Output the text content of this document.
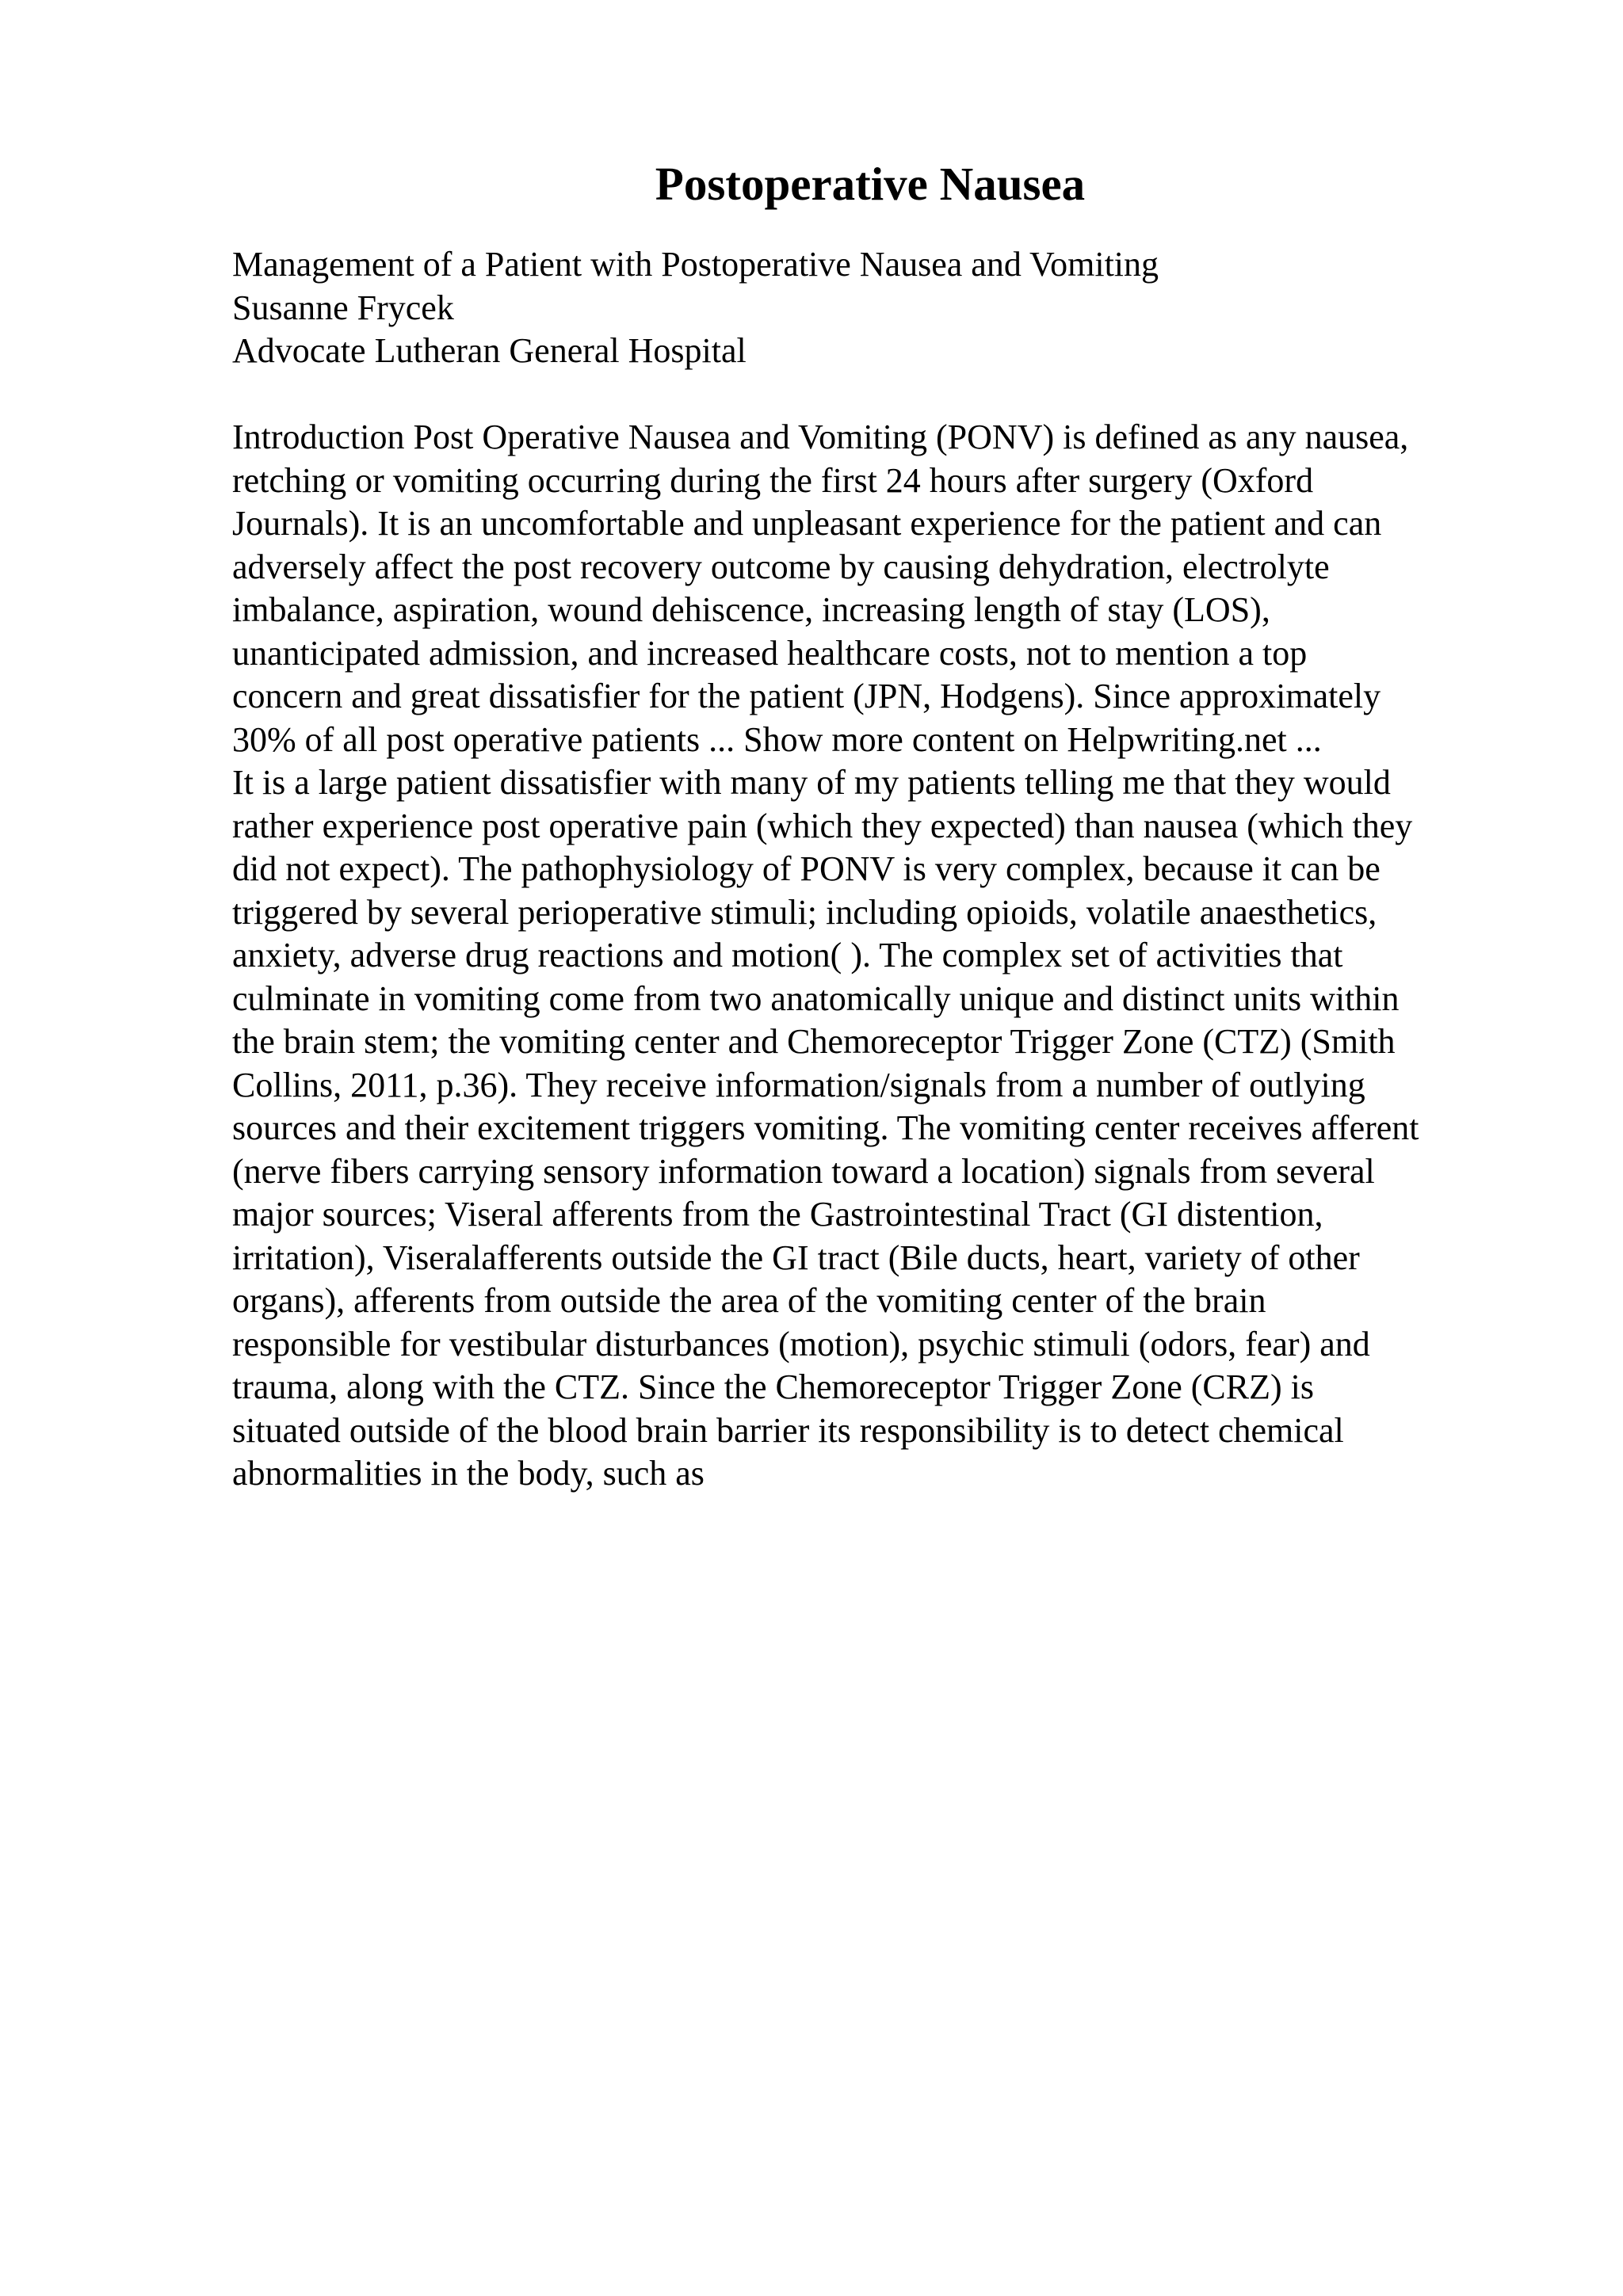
Postoperative Nausea

Management of a Patient with Postoperative Nausea and Vomiting

Susanne Frycek

Advocate Lutheran General Hospital

Introduction Post Operative Nausea and Vomiting (PONV) is defined as any nausea,

retching or vomiting occurring during the first 24 hours after surgery (Oxford

Journals). It is an uncomfortable and unpleasant experience for the patient and can

adversely affect the post recovery outcome by causing dehydration, electrolyte

imbalance, aspiration, wound dehiscence, increasing length of stay (LOS),

unanticipated admission, and increased healthcare costs, not to mention a top

concern and great dissatisfier for the patient (JPN, Hodgens). Since approximately

30% of all post operative patients ... Show more content on Helpwriting.net ...

It is a large patient dissatisfier with many of my patients telling me that they would

rather experience post operative pain (which they expected) than nausea (which they

did not expect). The pathophysiology of PONV is very complex, because it can be

triggered by several perioperative stimuli; including opioids, volatile anaesthetics,

anxiety, adverse drug reactions and motion( ). The complex set of activities that

culminate in vomiting come from two anatomically unique and distinct units within

the brain stem; the vomiting center and Chemoreceptor Trigger Zone (CTZ) (Smith

Collins, 2011, p.36). They receive information/signals from a number of outlying

sources and their excitement triggers vomiting. The vomiting center receives afferent

(nerve fibers carrying sensory information toward a location) signals from several

major sources; Viseral afferents from the Gastrointestinal Tract (GI distention,

irritation), Viseralafferents outside the GI tract (Bile ducts, heart, variety of other

organs), afferents from outside the area of the vomiting center of the brain

responsible for vestibular disturbances (motion), psychic stimuli (odors, fear) and

trauma, along with the CTZ. Since the Chemoreceptor Trigger Zone (CRZ) is

situated outside of the blood brain barrier its responsibility is to detect chemical

abnormalities in the body, such as
